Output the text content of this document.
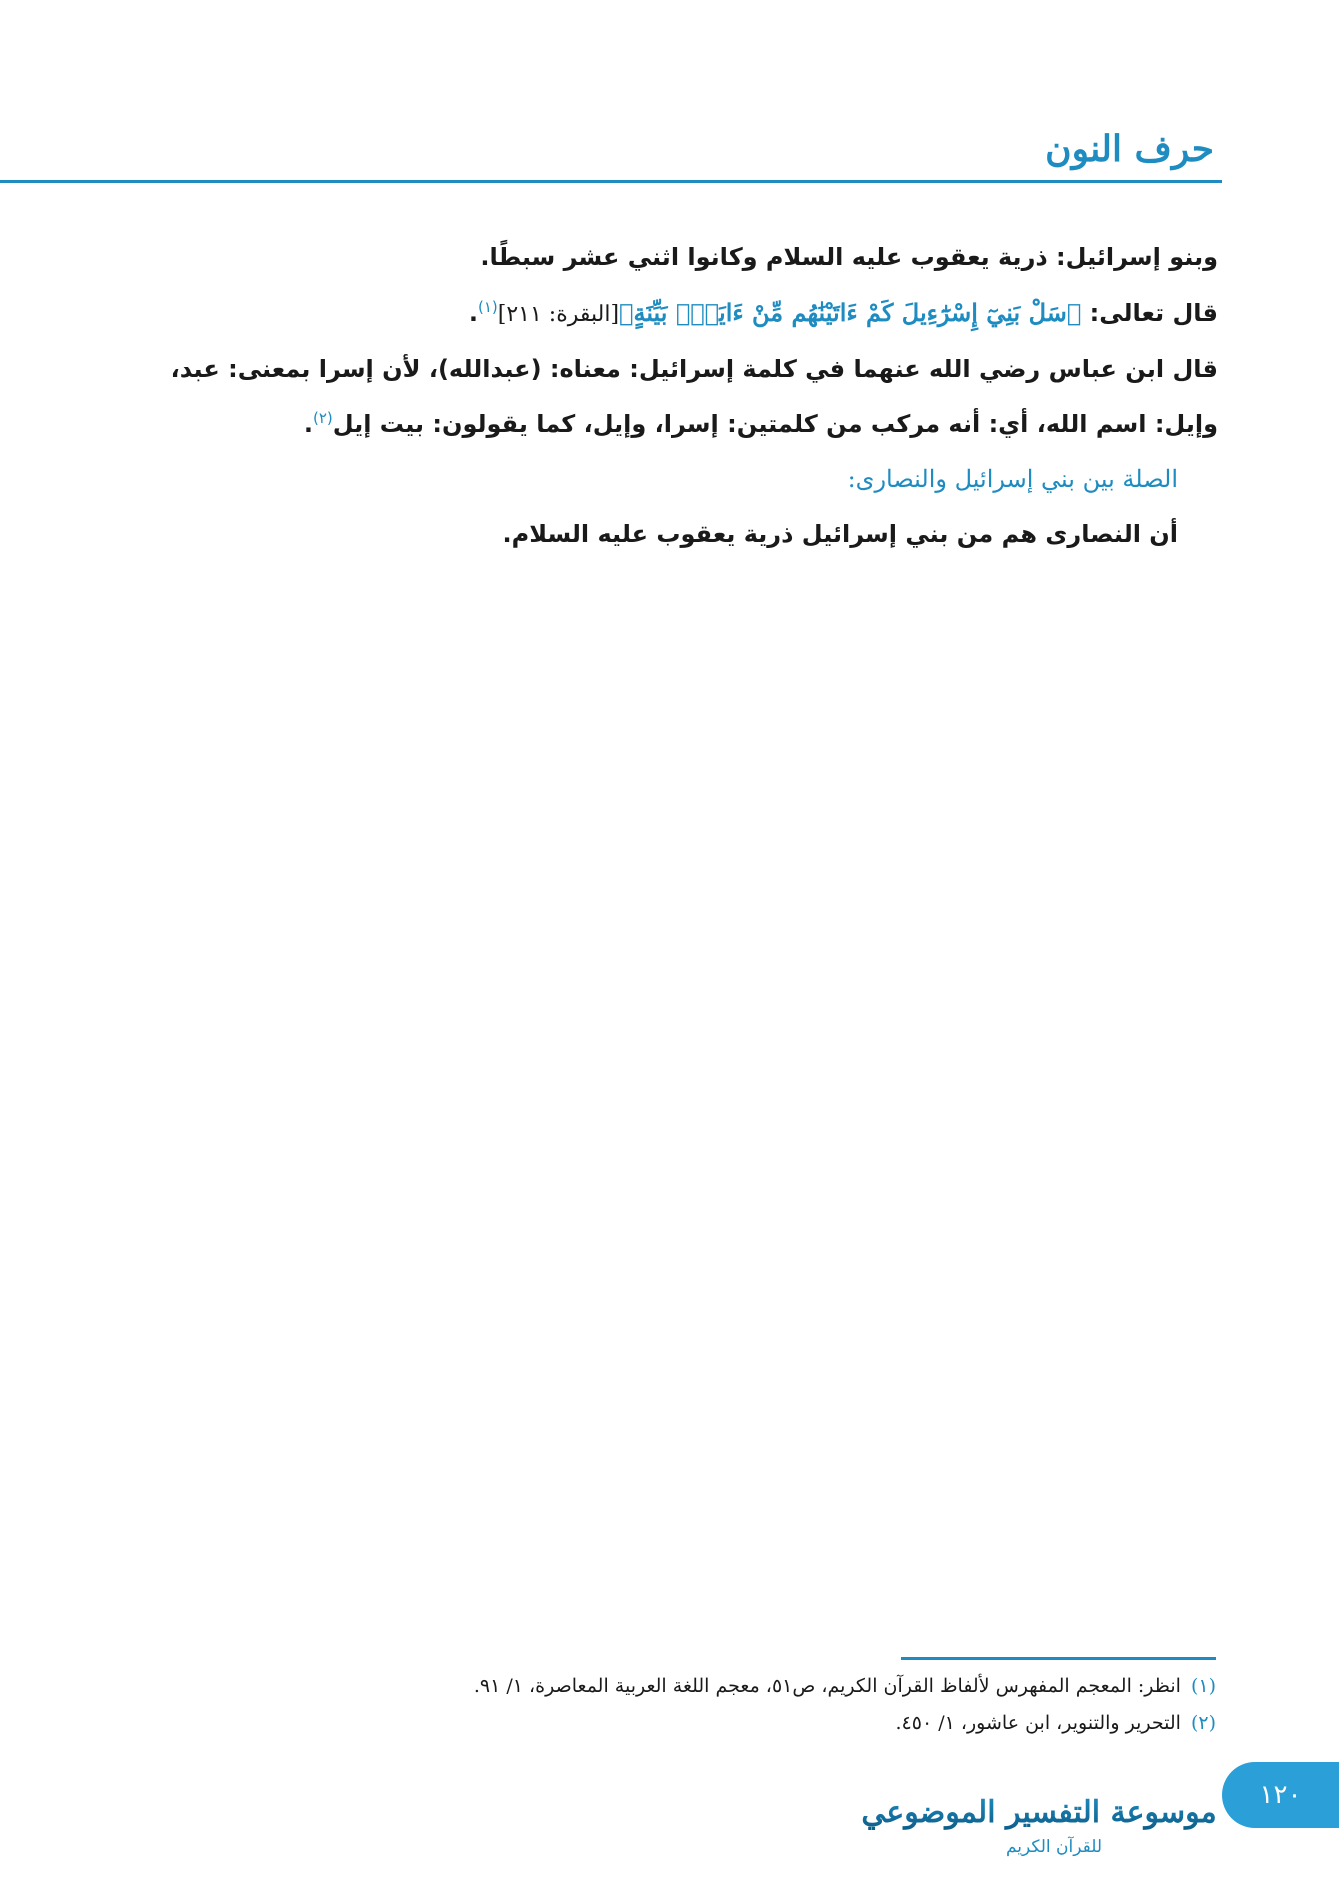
حرف النون

وبنو إسرائيل: ذرية يعقوب عليه السلام وكانوا اثني عشر سبطًا.

قال تعالى: ﴿سَلْ بَنِيٓ إِسْرَٰٓءِيلَ كَمْ ءَاتَيْنَٰهُم مِّنْ ءَايَةٍۭ بَيِّنَةٍ﴾[البقرة: ٢١١]$^{(١)}$.

قال ابن عباس رضي الله عنهما في كلمة إسرائيل: معناه: (عبدالله)، لأن إسرا بمعنى: عبد،

وإيل: اسم الله، أي: أنه مركب من كلمتين: إسرا، وإيل، كما يقولون: بيت إيل$^{(٢)}$.

الصلة بين بني إسرائيل والنصارى:

أن النصارى هم من بني إسرائيل ذرية يعقوب عليه السلام.

(١)انظر: المعجم المفهرس لألفاظ القرآن الكريم، ص٥١، معجم اللغة العربية المعاصرة، ١/ ٩١.

(٢)التحرير والتنوير، ابن عاشور، ١/ ٤٥٠.

موسوعة التفسير الموضوعي
للقرآن الكريم
١٢٠
